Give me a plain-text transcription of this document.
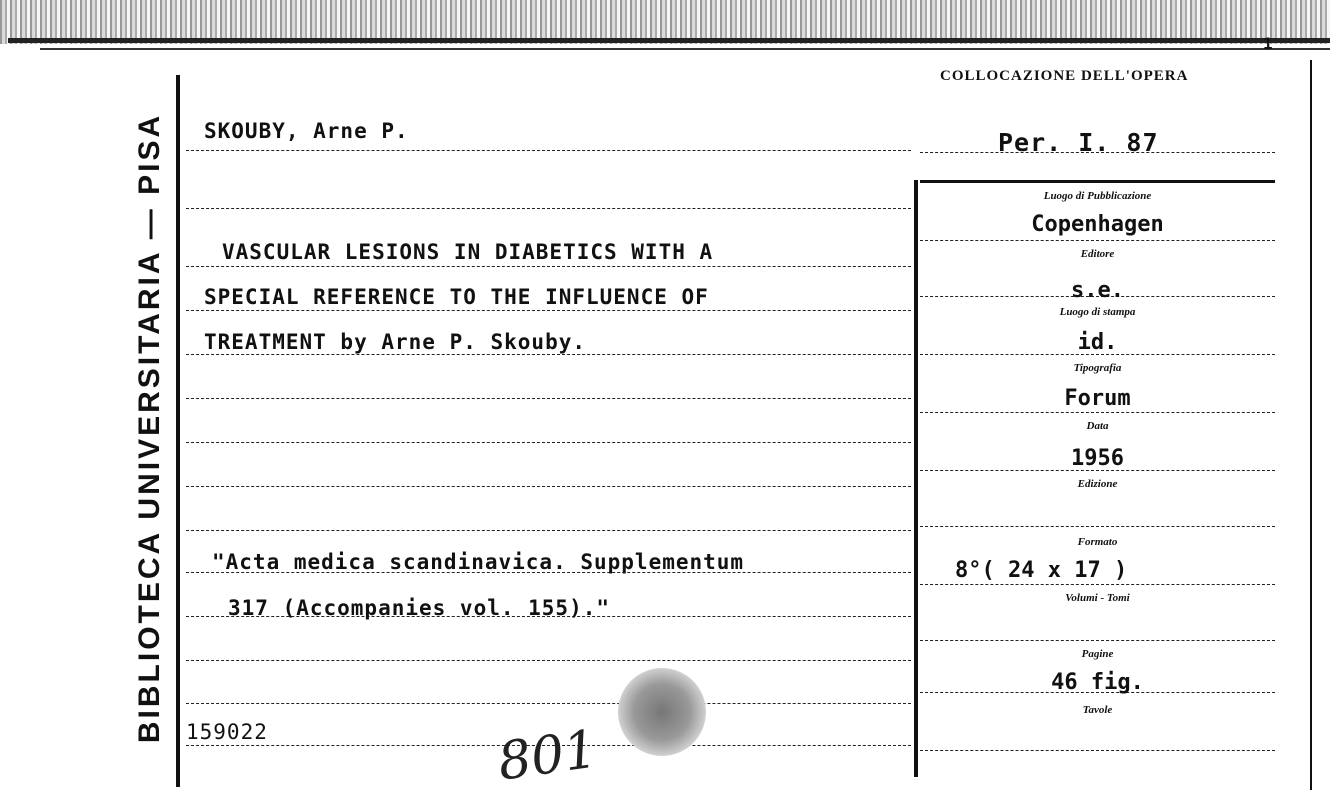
1
BIBLIOTECA UNIVERSITARIA — PISA
COLLOCAZIONE DELL'OPERA
Per. I. 87
SKOUBY, Arne P.
VASCULAR LESIONS IN DIABETICS WITH A
SPECIAL REFERENCE TO THE INFLUENCE OF
TREATMENT by Arne P. Skouby.
"Acta medica scandinavica. Supplementum
317 (Accompanies vol. 155)."
159022
Luogo di Pubblicazione
Copenhagen
Editore
s.e.
Luogo di stampa
id.
Tipografia
Forum
Data
1956
Edizione
Formato
8°( 24 x 17 )
Volumi - Tomi
Pagine
46 fig.
Tavole
801
